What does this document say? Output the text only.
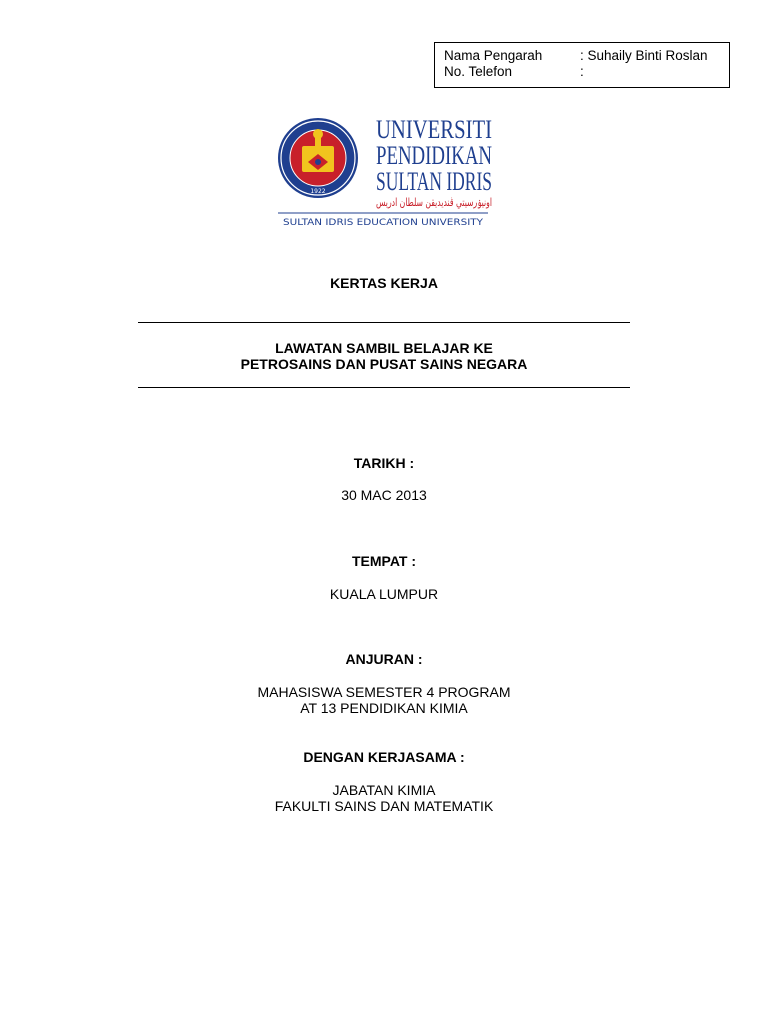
Nama Pengarah	: Suhaily Binti Roslan
No. Telefon	:
PENGETAHUAN SULUH BUDIMAN
1922
UNIVERSITI
PENDIDIKAN
SULTAN IDRIS
اونيۏرسيتي ڤنديديقن سلطان ادريس
SULTAN IDRIS EDUCATION UNIVERSITY
KERTAS KERJA
LAWATAN SAMBIL BELAJAR KE
PETROSAINS DAN PUSAT SAINS NEGARA
TARIKH :
30 MAC 2013
TEMPAT :
KUALA LUMPUR
ANJURAN :
MAHASISWA SEMESTER 4 PROGRAM
AT 13 PENDIDIKAN KIMIA
DENGAN KERJASAMA :
JABATAN KIMIA
FAKULTI SAINS DAN MATEMATIK
